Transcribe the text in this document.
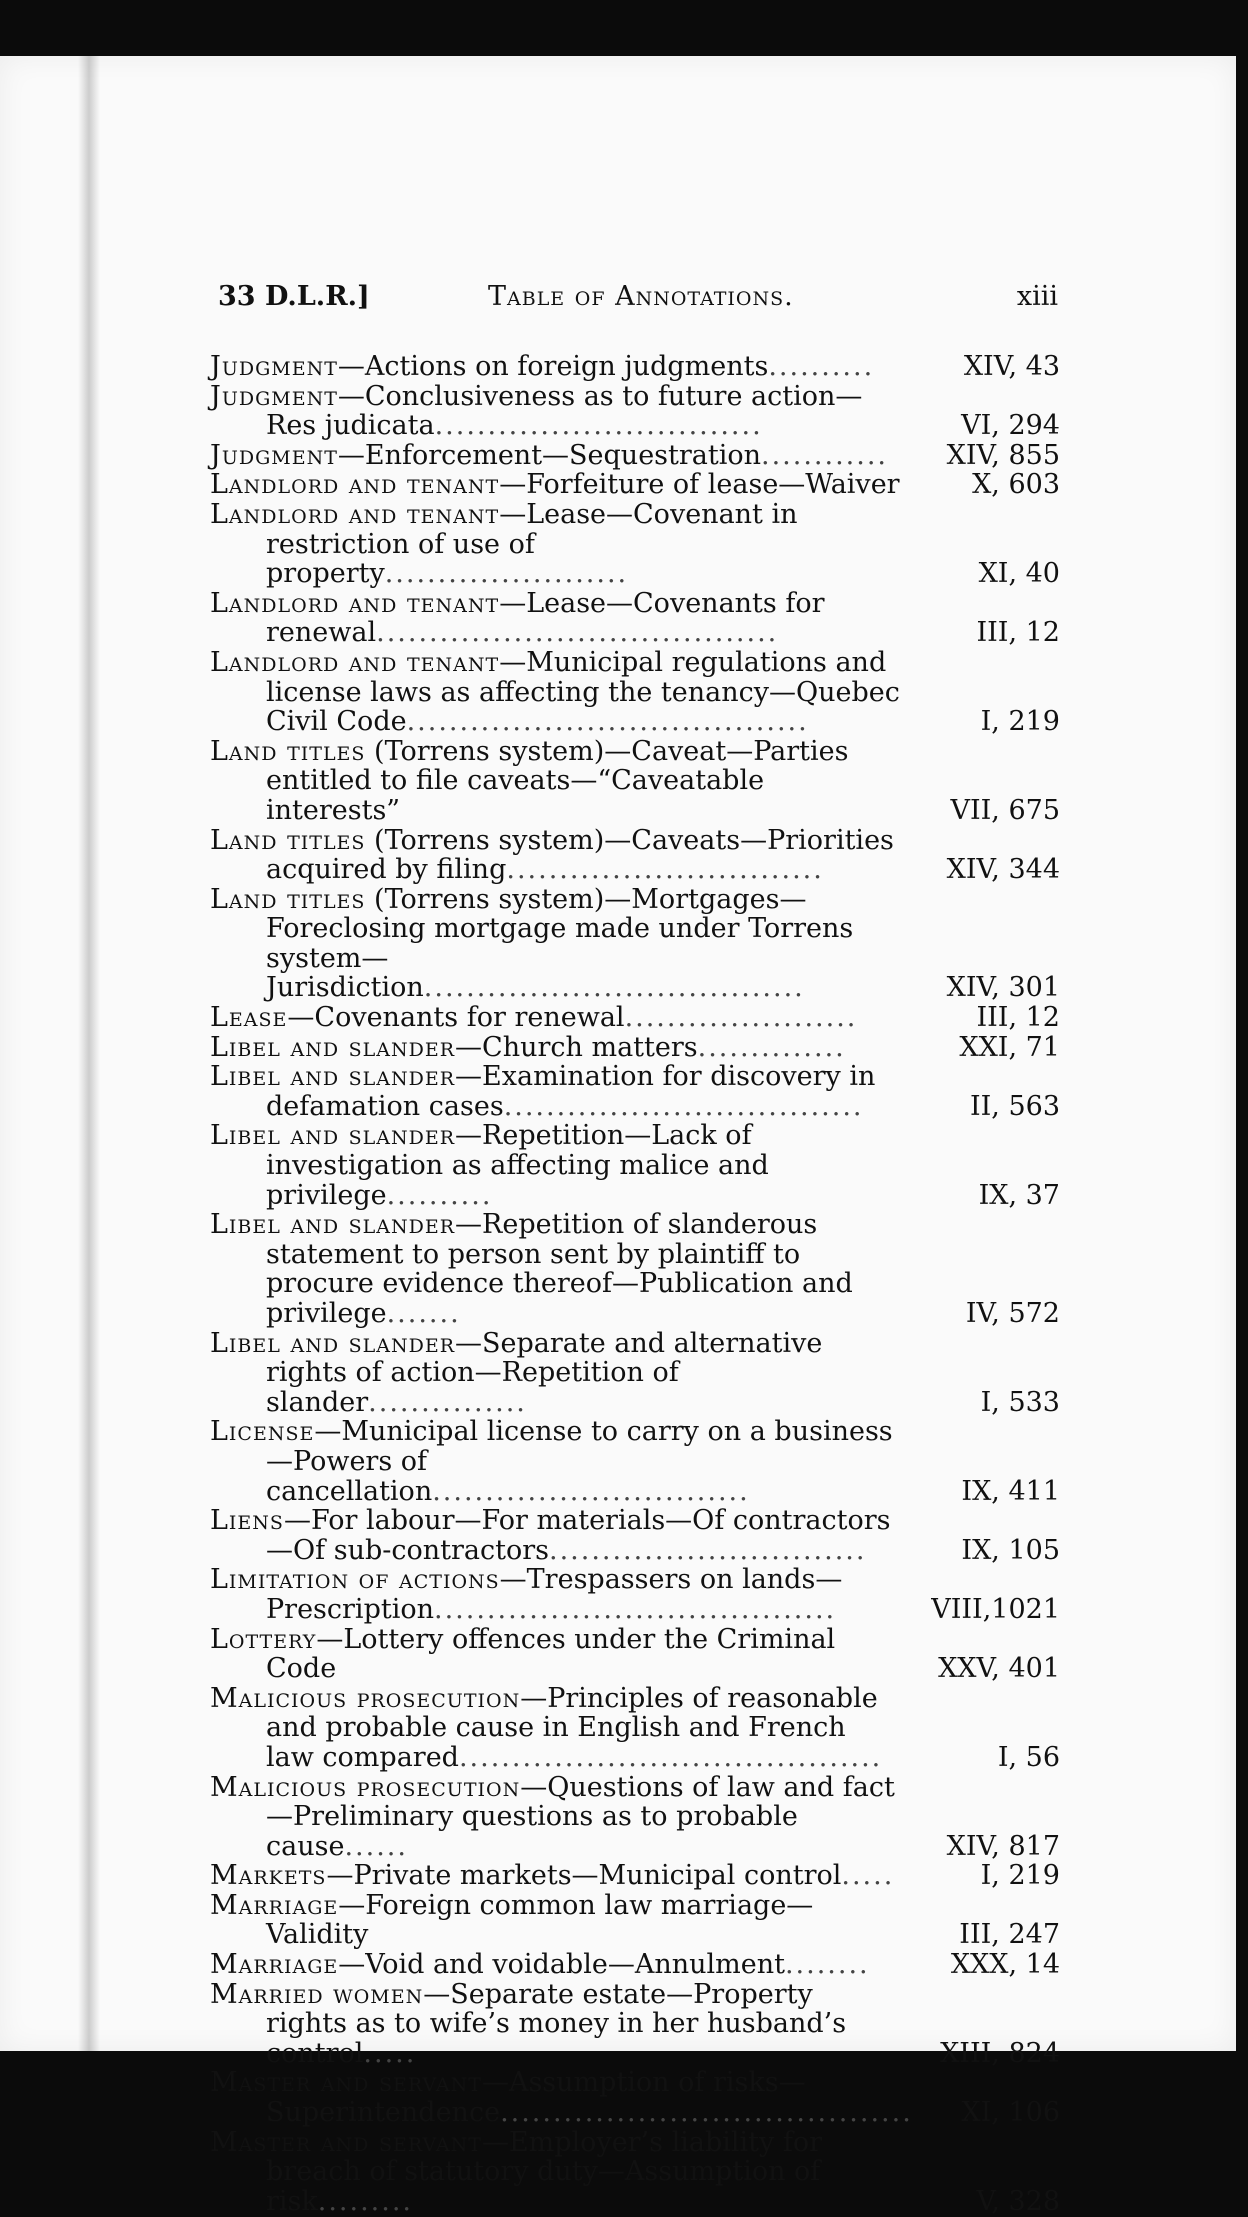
33 D.L.R.]	Table of Annotations.	xiii
Judgment—Actions on foreign judgments..........	XIV, 43
Judgment—Conclusiveness as to future action—Res judicata...............................	VI, 294
Judgment—Enforcement—Sequestration............	XIV, 855
Landlord and tenant—Forfeiture of lease—Waiver	X, 603
Landlord and tenant—Lease—Covenant in restriction of use of property.......................	XI, 40
Landlord and tenant—Lease—Covenants for renewal......................................	III, 12
Landlord and tenant—Municipal regulations and license laws as affecting the tenancy—Quebec Civil Code......................................	I, 219
Land titles (Torrens system)—Caveat—Parties entitled to file caveats—“Caveatable interests”	VII, 675
Land titles (Torrens system)—Caveats—Priorities acquired by filing..............................	XIV, 344
Land titles (Torrens system)—Mortgages—Foreclosing mortgage made under Torrens system—Jurisdiction....................................	XIV, 301
Lease—Covenants for renewal......................	III, 12
Libel and slander—Church matters..............	XXI, 71
Libel and slander—Examination for discovery in defamation cases..................................	II, 563
Libel and slander—Repetition—Lack of investigation as affecting malice and privilege..........	IX, 37
Libel and slander—Repetition of slanderous statement to person sent by plaintiff to procure evidence thereof—Publication and privilege.......	IV, 572
Libel and slander—Separate and alternative rights of action—Repetition of slander...............	I, 533
License—Municipal license to carry on a business—Powers of cancellation..............................	IX, 411
Liens—For labour—For materials—Of contractors—Of sub-contractors..............................	IX, 105
Limitation of actions—Trespassers on lands—Prescription......................................	VIII,1021
Lottery—Lottery offences under the Criminal Code	XXV, 401
Malicious prosecution—Principles of reasonable and probable cause in English and French law compared........................................	I, 56
Malicious prosecution—Questions of law and fact—Preliminary questions as to probable cause......	XIV, 817
Markets—Private markets—Municipal control.....	I, 219
Marriage—Foreign common law marriage—Validity	III, 247
Marriage—Void and voidable—Annulment........	XXX, 14
Married women—Separate estate—Property rights as to wife’s money in her husband’s control.....	XIII, 824
Master and servant—Assumption of risks—Superintendence.......................................	XI, 106
Master and servant—Employer’s liability for breach of statutory duty—Assumption of risk.........	V, 328
